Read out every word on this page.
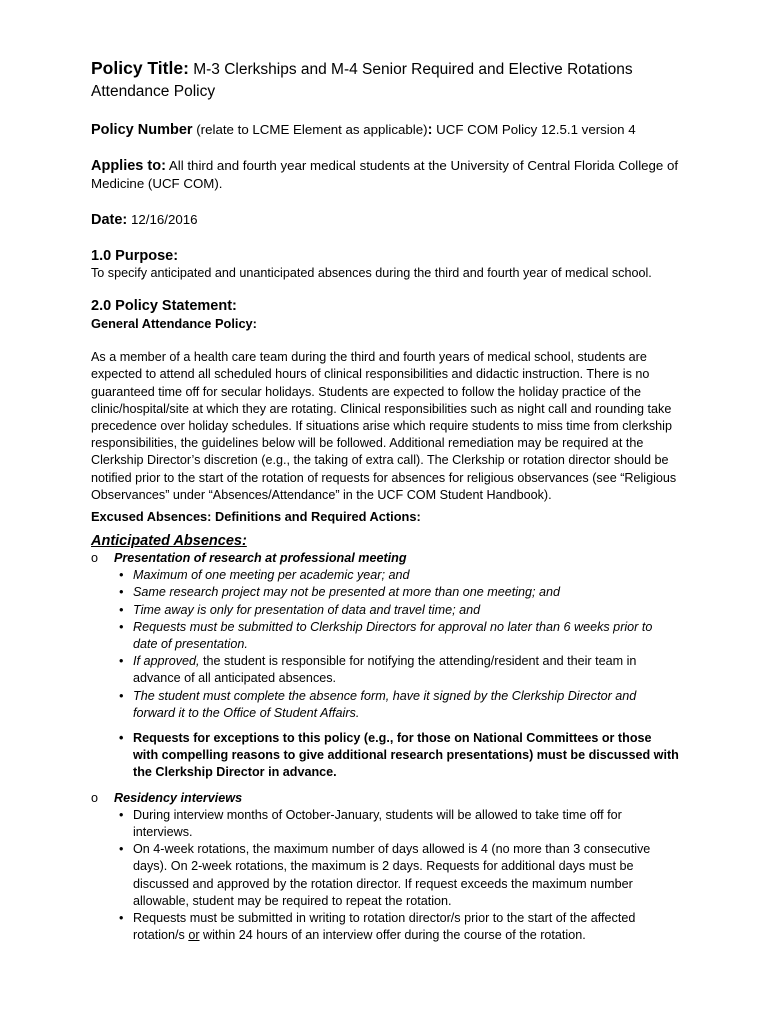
Policy Title: M-3 Clerkships and M-4 Senior Required and Elective Rotations Attendance Policy

Policy Number (relate to LCME Element as applicable): UCF COM Policy 12.5.1 version 4

Applies to: All third and fourth year medical students at the University of Central Florida College of Medicine (UCF COM).

Date: 12/16/2016

1.0 Purpose:

To specify anticipated and unanticipated absences during the third and fourth year of medical school.

2.0 Policy Statement:

General Attendance Policy:

As a member of a health care team during the third and fourth years of medical school, students are expected to attend all scheduled hours of clinical responsibilities and didactic instruction. There is no guaranteed time off for secular holidays. Students are expected to follow the holiday practice of the clinic/hospital/site at which they are rotating. Clinical responsibilities such as night call and rounding take precedence over holiday schedules. If situations arise which require students to miss time from clerkship responsibilities, the guidelines below will be followed. Additional remediation may be required at the Clerkship Director’s discretion (e.g., the taking of extra call). The Clerkship or rotation director should be notified prior to the start of the rotation of requests for absences for religious observances (see “Religious Observances” under “Absences/Attendance” in the UCF COM Student Handbook).

Excused Absences: Definitions and Required Actions:

Anticipated Absences:

o Presentation of research at professional meeting

• Maximum of one meeting per academic year; and
• Same research project may not be presented at more than one meeting; and
• Time away is only for presentation of data and travel time; and
• Requests must be submitted to Clerkship Directors for approval no later than 6 weeks prior to date of presentation.
• If approved, the student is responsible for notifying the attending/resident and their team in advance of all anticipated absences.
• The student must complete the absence form, have it signed by the Clerkship Director and forward it to the Office of Student Affairs.
• Requests for exceptions to this policy (e.g., for those on National Committees or those with compelling reasons to give additional research presentations) must be discussed with the Clerkship Director in advance.

o Residency interviews

• During interview months of October-January, students will be allowed to take time off for interviews.
• On 4-week rotations, the maximum number of days allowed is 4 (no more than 3 consecutive days). On 2-week rotations, the maximum is 2 days. Requests for additional days must be discussed and approved by the rotation director. If request exceeds the maximum number allowable, student may be required to repeat the rotation.
• Requests must be submitted in writing to rotation director/s prior to the start of the affected rotation/s or within 24 hours of an interview offer during the course of the rotation.
